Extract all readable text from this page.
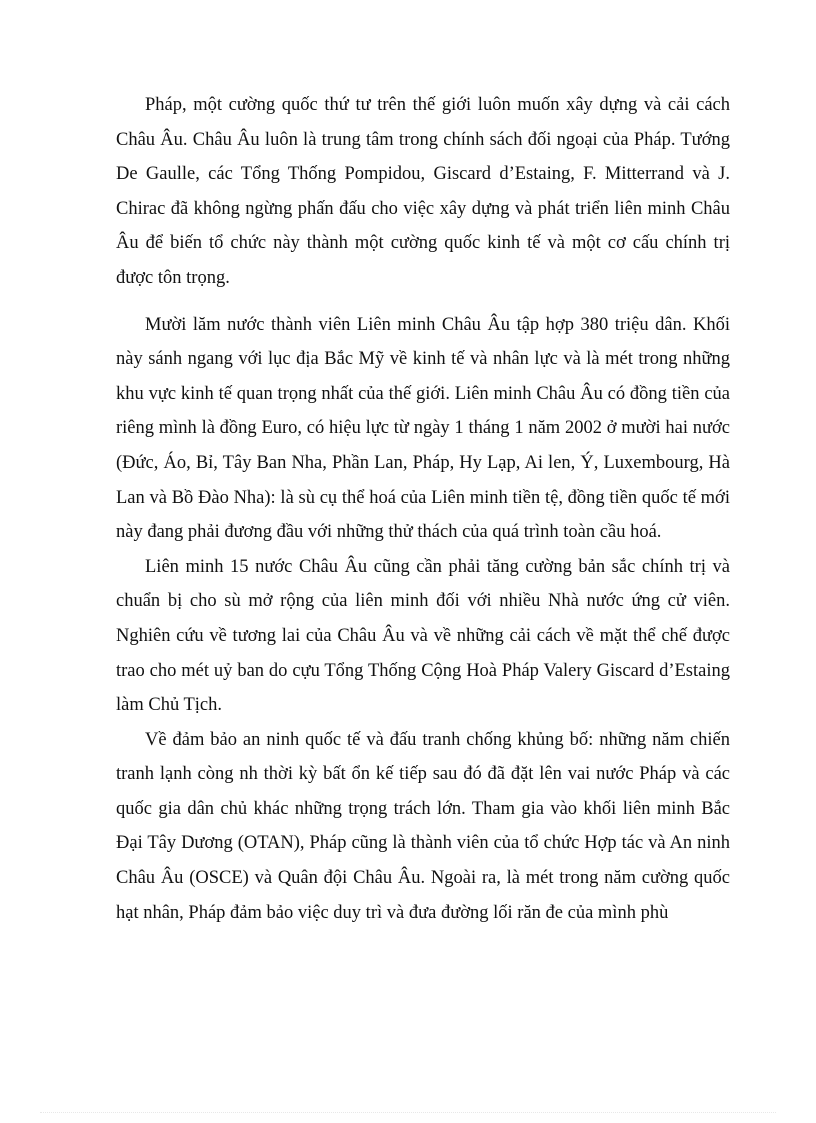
Pháp, một cường quốc thứ tư trên thế giới luôn muốn xây dựng và cải cách Châu Âu. Châu Âu luôn là trung tâm trong chính sách đối ngoại của Pháp. Tướng De Gaulle, các Tổng Thống Pompidou, Giscard d’Estaing, F. Mitterrand và J. Chirac đã không ngừng phấn đấu cho việc xây dựng và phát triển liên minh Châu Âu để biến tổ chức này thành một cường quốc kinh tế và một cơ cấu chính trị được tôn trọng.

Mười lăm nước thành viên Liên minh Châu Âu tập hợp 380 triệu dân. Khối này sánh ngang với lục địa Bắc Mỹ về kinh tế và nhân lực và là mét trong những khu vực kinh tế quan trọng nhất của thế giới. Liên minh Châu Âu có đồng tiền của riêng mình là đồng Euro, có hiệu lực từ ngày 1 tháng 1 năm 2002 ở mười hai nước (Đức, Áo, Bỉ, Tây Ban Nha, Phần Lan, Pháp, Hy Lạp, Ai len, Ý, Luxembourg, Hà Lan và Bồ Đào Nha): là sù cụ thể hoá của Liên minh tiền tệ, đồng tiền quốc tế mới này đang phải đương đầu với những thử thách của quá trình toàn cầu hoá.

Liên minh 15 nước Châu Âu cũng cần phải tăng cường bản sắc chính trị và chuẩn bị cho sù mở rộng của liên minh đối với nhiều Nhà nước ứng cử viên. Nghiên cứu về tương lai của Châu Âu và về những cải cách về mặt thể chế được trao cho mét uỷ ban do cựu Tổng Thống Cộng Hoà Pháp Valery Giscard d’Estaing làm Chủ Tịch.

Về đảm bảo an ninh quốc tế và đấu tranh chống khủng bố: những năm chiến tranh lạnh còng nh thời kỳ bất ổn kế tiếp sau đó đã đặt lên vai nước Pháp và các quốc gia dân chủ khác những trọng trách lớn. Tham gia vào khối liên minh Bắc Đại Tây Dương (OTAN), Pháp cũng là thành viên của tổ chức Hợp tác và An ninh Châu Âu (OSCE) và Quân đội Châu Âu. Ngoài ra, là mét trong năm cường quốc hạt nhân, Pháp đảm bảo việc duy trì và đưa đường lối răn đe của mình phù
